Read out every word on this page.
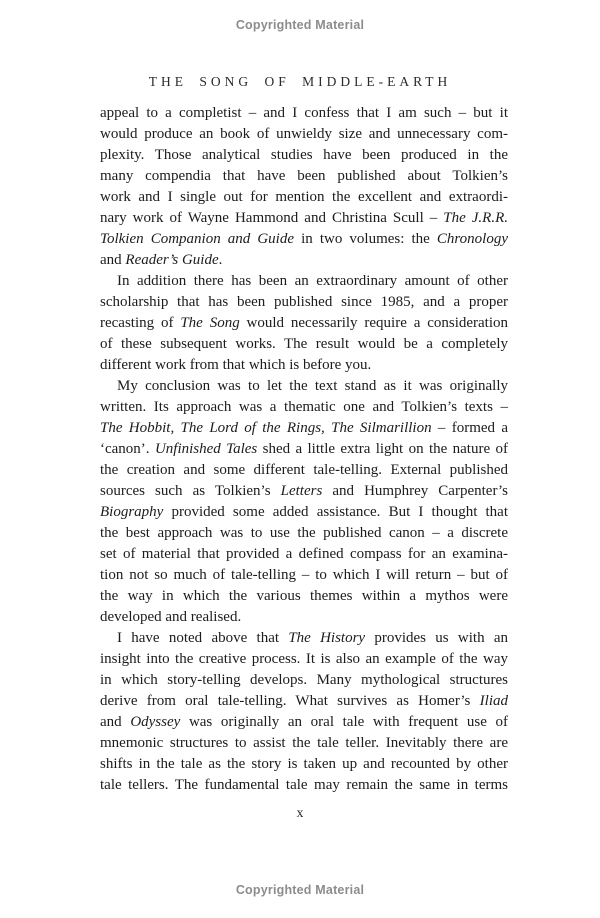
Copyrighted Material
THE SONG OF MIDDLE-EARTH
appeal to a completist – and I confess that I am such – but it
would produce an book of unwieldy size and unnecessary com-
plexity. Those analytical studies have been produced in the
many compendia that have been published about Tolkien’s
work and I single out for mention the excellent and extraordi-
nary work of Wayne Hammond and Christina Scull – The J.R.R.
Tolkien Companion and Guide in two volumes: the Chronology
and Reader’s Guide.
In addition there has been an extraordinary amount of other
scholarship that has been published since 1985, and a proper
recasting of The Song would necessarily require a consideration
of these subsequent works. The result would be a completely
different work from that which is before you.
My conclusion was to let the text stand as it was originally
written. Its approach was a thematic one and Tolkien’s texts –
The Hobbit, The Lord of the Rings, The Silmarillion – formed a
‘canon’. Unfinished Tales shed a little extra light on the nature of
the creation and some different tale-telling. External published
sources such as Tolkien’s Letters and Humphrey Carpenter’s
Biography provided some added assistance. But I thought that
the best approach was to use the published canon – a discrete
set of material that provided a defined compass for an examina-
tion not so much of tale-telling – to which I will return – but of
the way in which the various themes within a mythos were
developed and realised.
I have noted above that The History provides us with an
insight into the creative process. It is also an example of the way
in which story-telling develops. Many mythological structures
derive from oral tale-telling. What survives as Homer’s Iliad
and Odyssey was originally an oral tale with frequent use of
mnemonic structures to assist the tale teller. Inevitably there are
shifts in the tale as the story is taken up and recounted by other
tale tellers. The fundamental tale may remain the same in terms
x
Copyrighted Material
